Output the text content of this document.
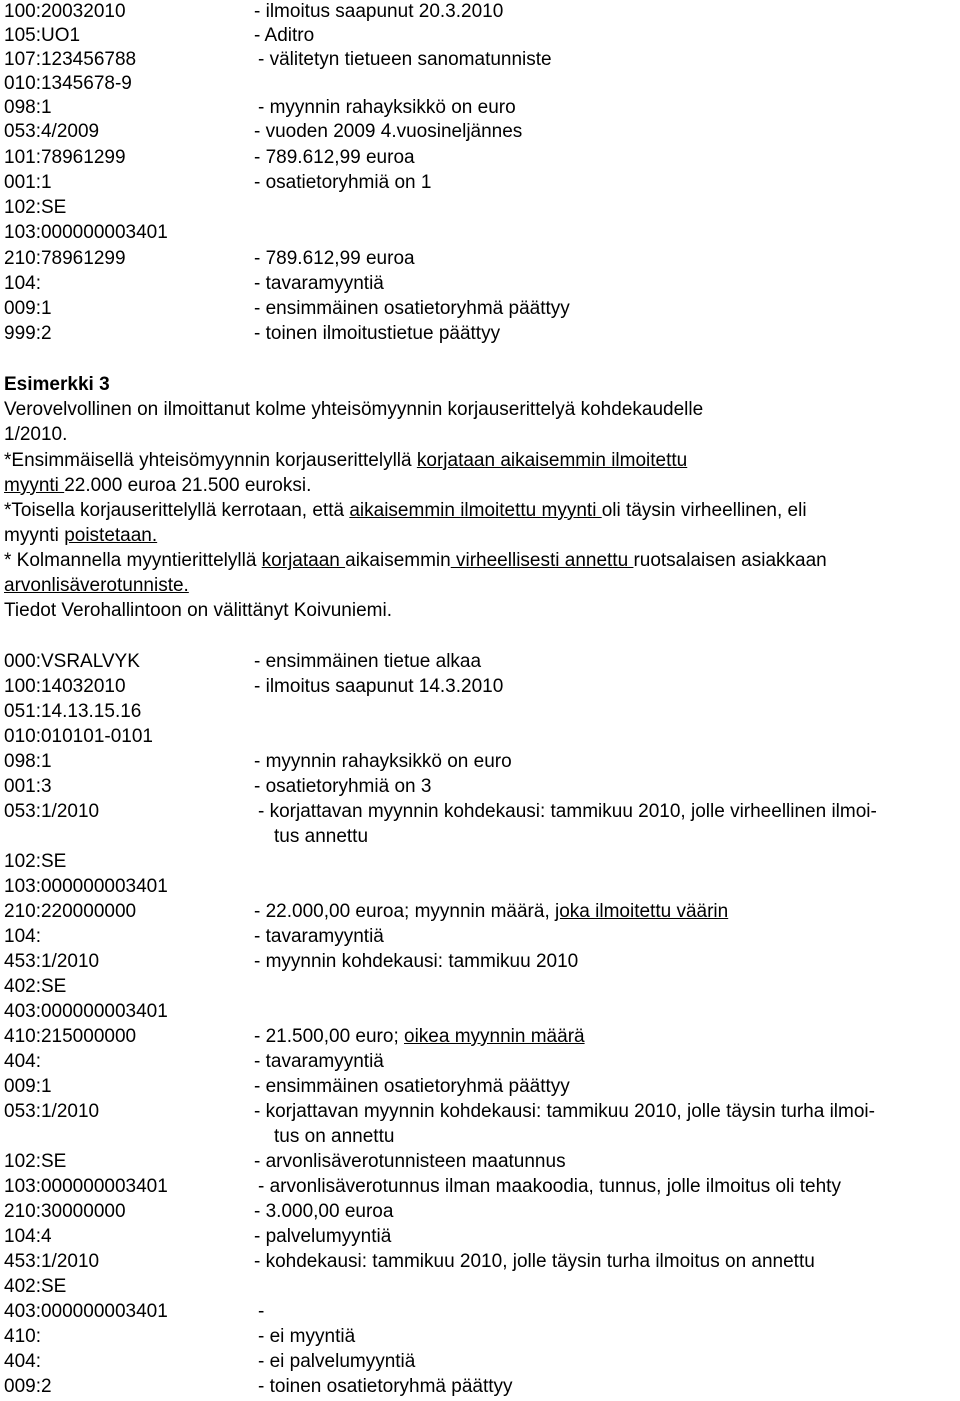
100:20032010	- ilmoitus saapunut 20.3.2010
105:UO1	- Aditro
107:123456788	- välitetyn tietueen sanomatunniste
010:1345678-9
098:1	- myynnin rahayksikkö on euro
053:4/2009	- vuoden 2009 4.vuosineljännes
101:78961299	- 789.612,99 euroa
001:1	- osatietoryhmiä on 1
102:SE
103:000000003401
210:78961299	- 789.612,99 euroa
104:	- tavaramyyntiä
009:1	- ensimmäinen osatietoryhmä päättyy
999:2	- toinen ilmoitustietue päättyy
Esimerkki 3
Verovelvollinen on ilmoittanut kolme yhteisömyynnin korjauserittelyä kohdekaudelle
1/2010.
*Ensimmäisellä yhteisömyynnin korjauserittelyllä korjataan aikaisemmin ilmoitettu
myynti 22.000 euroa 21.500 euroksi.
*Toisella korjauserittelyllä kerrotaan, että aikaisemmin ilmoitettu myynti oli täysin virheellinen, eli
myynti poistetaan.
* Kolmannella myyntierittelyllä korjataan aikaisemmin virheellisesti annettu ruotsalaisen asiakkaan
arvonlisäverotunniste.
Tiedot Verohallintoon on välittänyt Koivuniemi.
000:VSRALVYK	- ensimmäinen tietue alkaa
100:14032010	- ilmoitus saapunut 14.3.2010
051:14.13.15.16
010:010101-0101
098:1	- myynnin rahayksikkö on euro
001:3	- osatietoryhmiä on 3
053:1/2010	- korjattavan myynnin kohdekausi: tammikuu 2010, jolle virheellinen ilmoi-
tus annettu
102:SE
103:000000003401
210:220000000	- 22.000,00 euroa; myynnin määrä, joka ilmoitettu väärin
104:	- tavaramyyntiä
453:1/2010	- myynnin kohdekausi: tammikuu 2010
402:SE
403:000000003401
410:215000000	- 21.500,00 euro; oikea myynnin määrä
404:	- tavaramyyntiä
009:1	- ensimmäinen osatietoryhmä päättyy
053:1/2010	- korjattavan myynnin kohdekausi: tammikuu 2010, jolle täysin turha ilmoi-
tus on annettu
102:SE	- arvonlisäverotunnisteen maatunnus
103:000000003401	- arvonlisäverotunnus ilman maakoodia, tunnus, jolle ilmoitus oli tehty
210:30000000	- 3.000,00 euroa
104:4	- palvelumyyntiä
453:1/2010	- kohdekausi: tammikuu 2010, jolle täysin turha ilmoitus on annettu
402:SE
403:000000003401	-
410:	- ei myyntiä
404:	- ei palvelumyyntiä
009:2	- toinen osatietoryhmä päättyy
